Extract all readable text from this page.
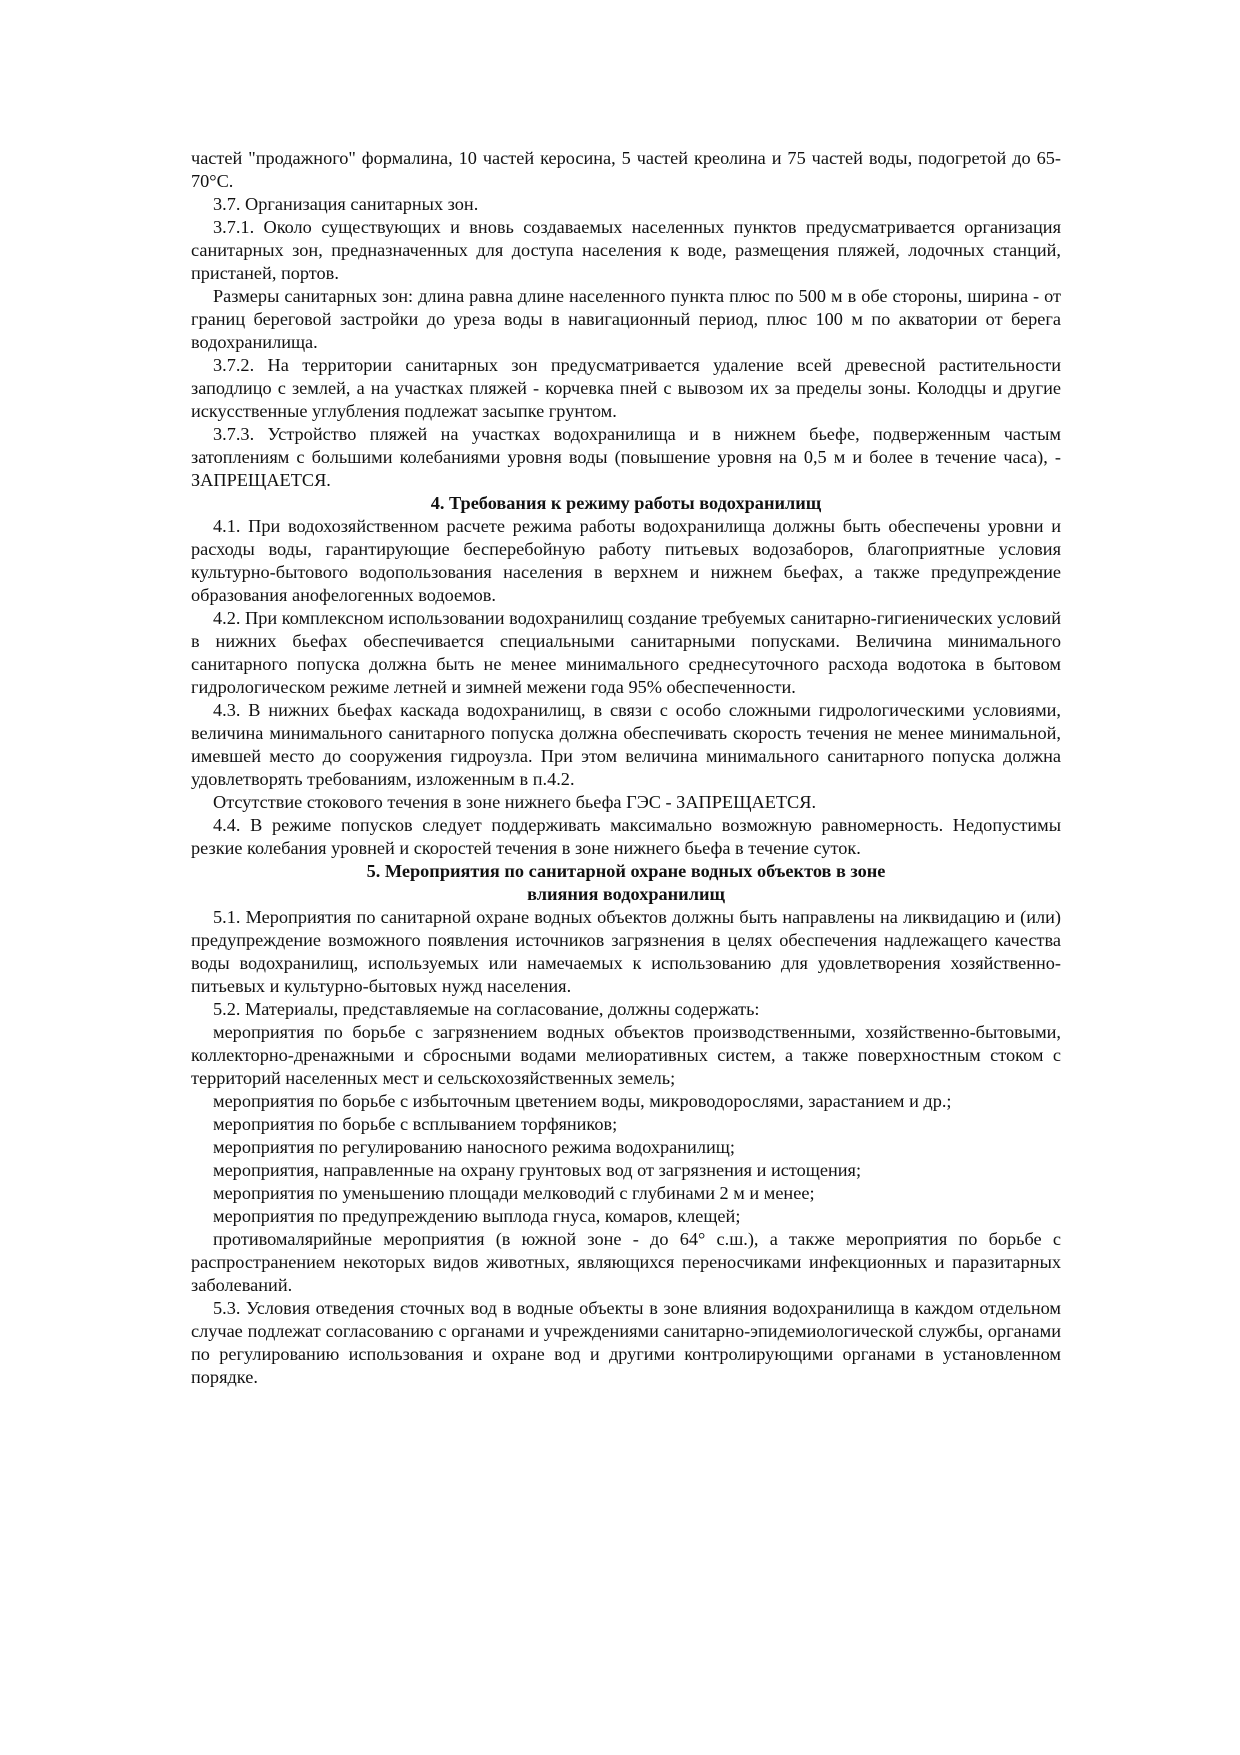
частей "продажного" формалина, 10 частей керосина, 5 частей креолина и 75 частей воды, подогретой до 65-70°С.

3.7. Организация санитарных зон.

3.7.1. Около существующих и вновь создаваемых населенных пунктов предусматривается организация санитарных зон, предназначенных для доступа населения к воде, размещения пляжей, лодочных станций, пристаней, портов.

Размеры санитарных зон: длина равна длине населенного пункта плюс по 500 м в обе стороны, ширина - от границ береговой застройки до уреза воды в навигационный период, плюс 100 м по акватории от берега водохранилища.

3.7.2. На территории санитарных зон предусматривается удаление всей древесной растительности заподлицо с землей, а на участках пляжей - корчевка пней с вывозом их за пределы зоны. Колодцы и другие искусственные углубления подлежат засыпке грунтом.

3.7.3. Устройство пляжей на участках водохранилища и в нижнем бьефе, подверженным частым затоплениям с большими колебаниями уровня воды (повышение уровня на 0,5 м и более в течение часа), - ЗАПРЕЩАЕТСЯ.

4. Требования к режиму работы водохранилищ

4.1. При водохозяйственном расчете режима работы водохранилища должны быть обеспечены уровни и расходы воды, гарантирующие бесперебойную работу питьевых водозаборов, благоприятные условия культурно-бытового водопользования населения в верхнем и нижнем бьефах, а также предупреждение образования анофелогенных водоемов.

4.2. При комплексном использовании водохранилищ создание требуемых санитарно-гигиенических условий в нижних бьефах обеспечивается специальными санитарными попусками. Величина минимального санитарного попуска должна быть не менее минимального среднесуточного расхода водотока в бытовом гидрологическом режиме летней и зимней межени года 95% обеспеченности.

4.3. В нижних бьефах каскада водохранилищ, в связи с особо сложными гидрологическими условиями, величина минимального санитарного попуска должна обеспечивать скорость течения не менее минимальной, имевшей место до сооружения гидроузла. При этом величина минимального санитарного попуска должна удовлетворять требованиям, изложенным в п.4.2.

Отсутствие стокового течения в зоне нижнего бьефа ГЭС - ЗАПРЕЩАЕТСЯ.

4.4. В режиме попусков следует поддерживать максимально возможную равномерность. Недопустимы резкие колебания уровней и скоростей течения в зоне нижнего бьефа в течение суток.

5. Мероприятия по санитарной охране водных объектов в зоне
влияния водохранилищ

5.1. Мероприятия по санитарной охране водных объектов должны быть направлены на ликвидацию и (или) предупреждение возможного появления источников загрязнения в целях обеспечения надлежащего качества воды водохранилищ, используемых или намечаемых к использованию для удовлетворения хозяйственно-питьевых и культурно-бытовых нужд населения.

5.2. Материалы, представляемые на согласование, должны содержать:

мероприятия по борьбе с загрязнением водных объектов производственными, хозяйственно-бытовыми, коллекторно-дренажными и сбросными водами мелиоративных систем, а также поверхностным стоком с территорий населенных мест и сельскохозяйственных земель;

мероприятия по борьбе с избыточным цветением воды, микроводорослями, зарастанием и др.;

мероприятия по борьбе с всплыванием торфяников;

мероприятия по регулированию наносного режима водохранилищ;

мероприятия, направленные на охрану грунтовых вод от загрязнения и истощения;

мероприятия по уменьшению площади мелководий с глубинами 2 м и менее;

мероприятия по предупреждению выплода гнуса, комаров, клещей;

противомалярийные мероприятия (в южной зоне - до 64° с.ш.), а также мероприятия по борьбе с распространением некоторых видов животных, являющихся переносчиками инфекционных и паразитарных заболеваний.

5.3. Условия отведения сточных вод в водные объекты в зоне влияния водохранилища в каждом отдельном случае подлежат согласованию с органами и учреждениями санитарно-эпидемиологической службы, органами по регулированию использования и охране вод и другими контролирующими органами в установленном порядке.
